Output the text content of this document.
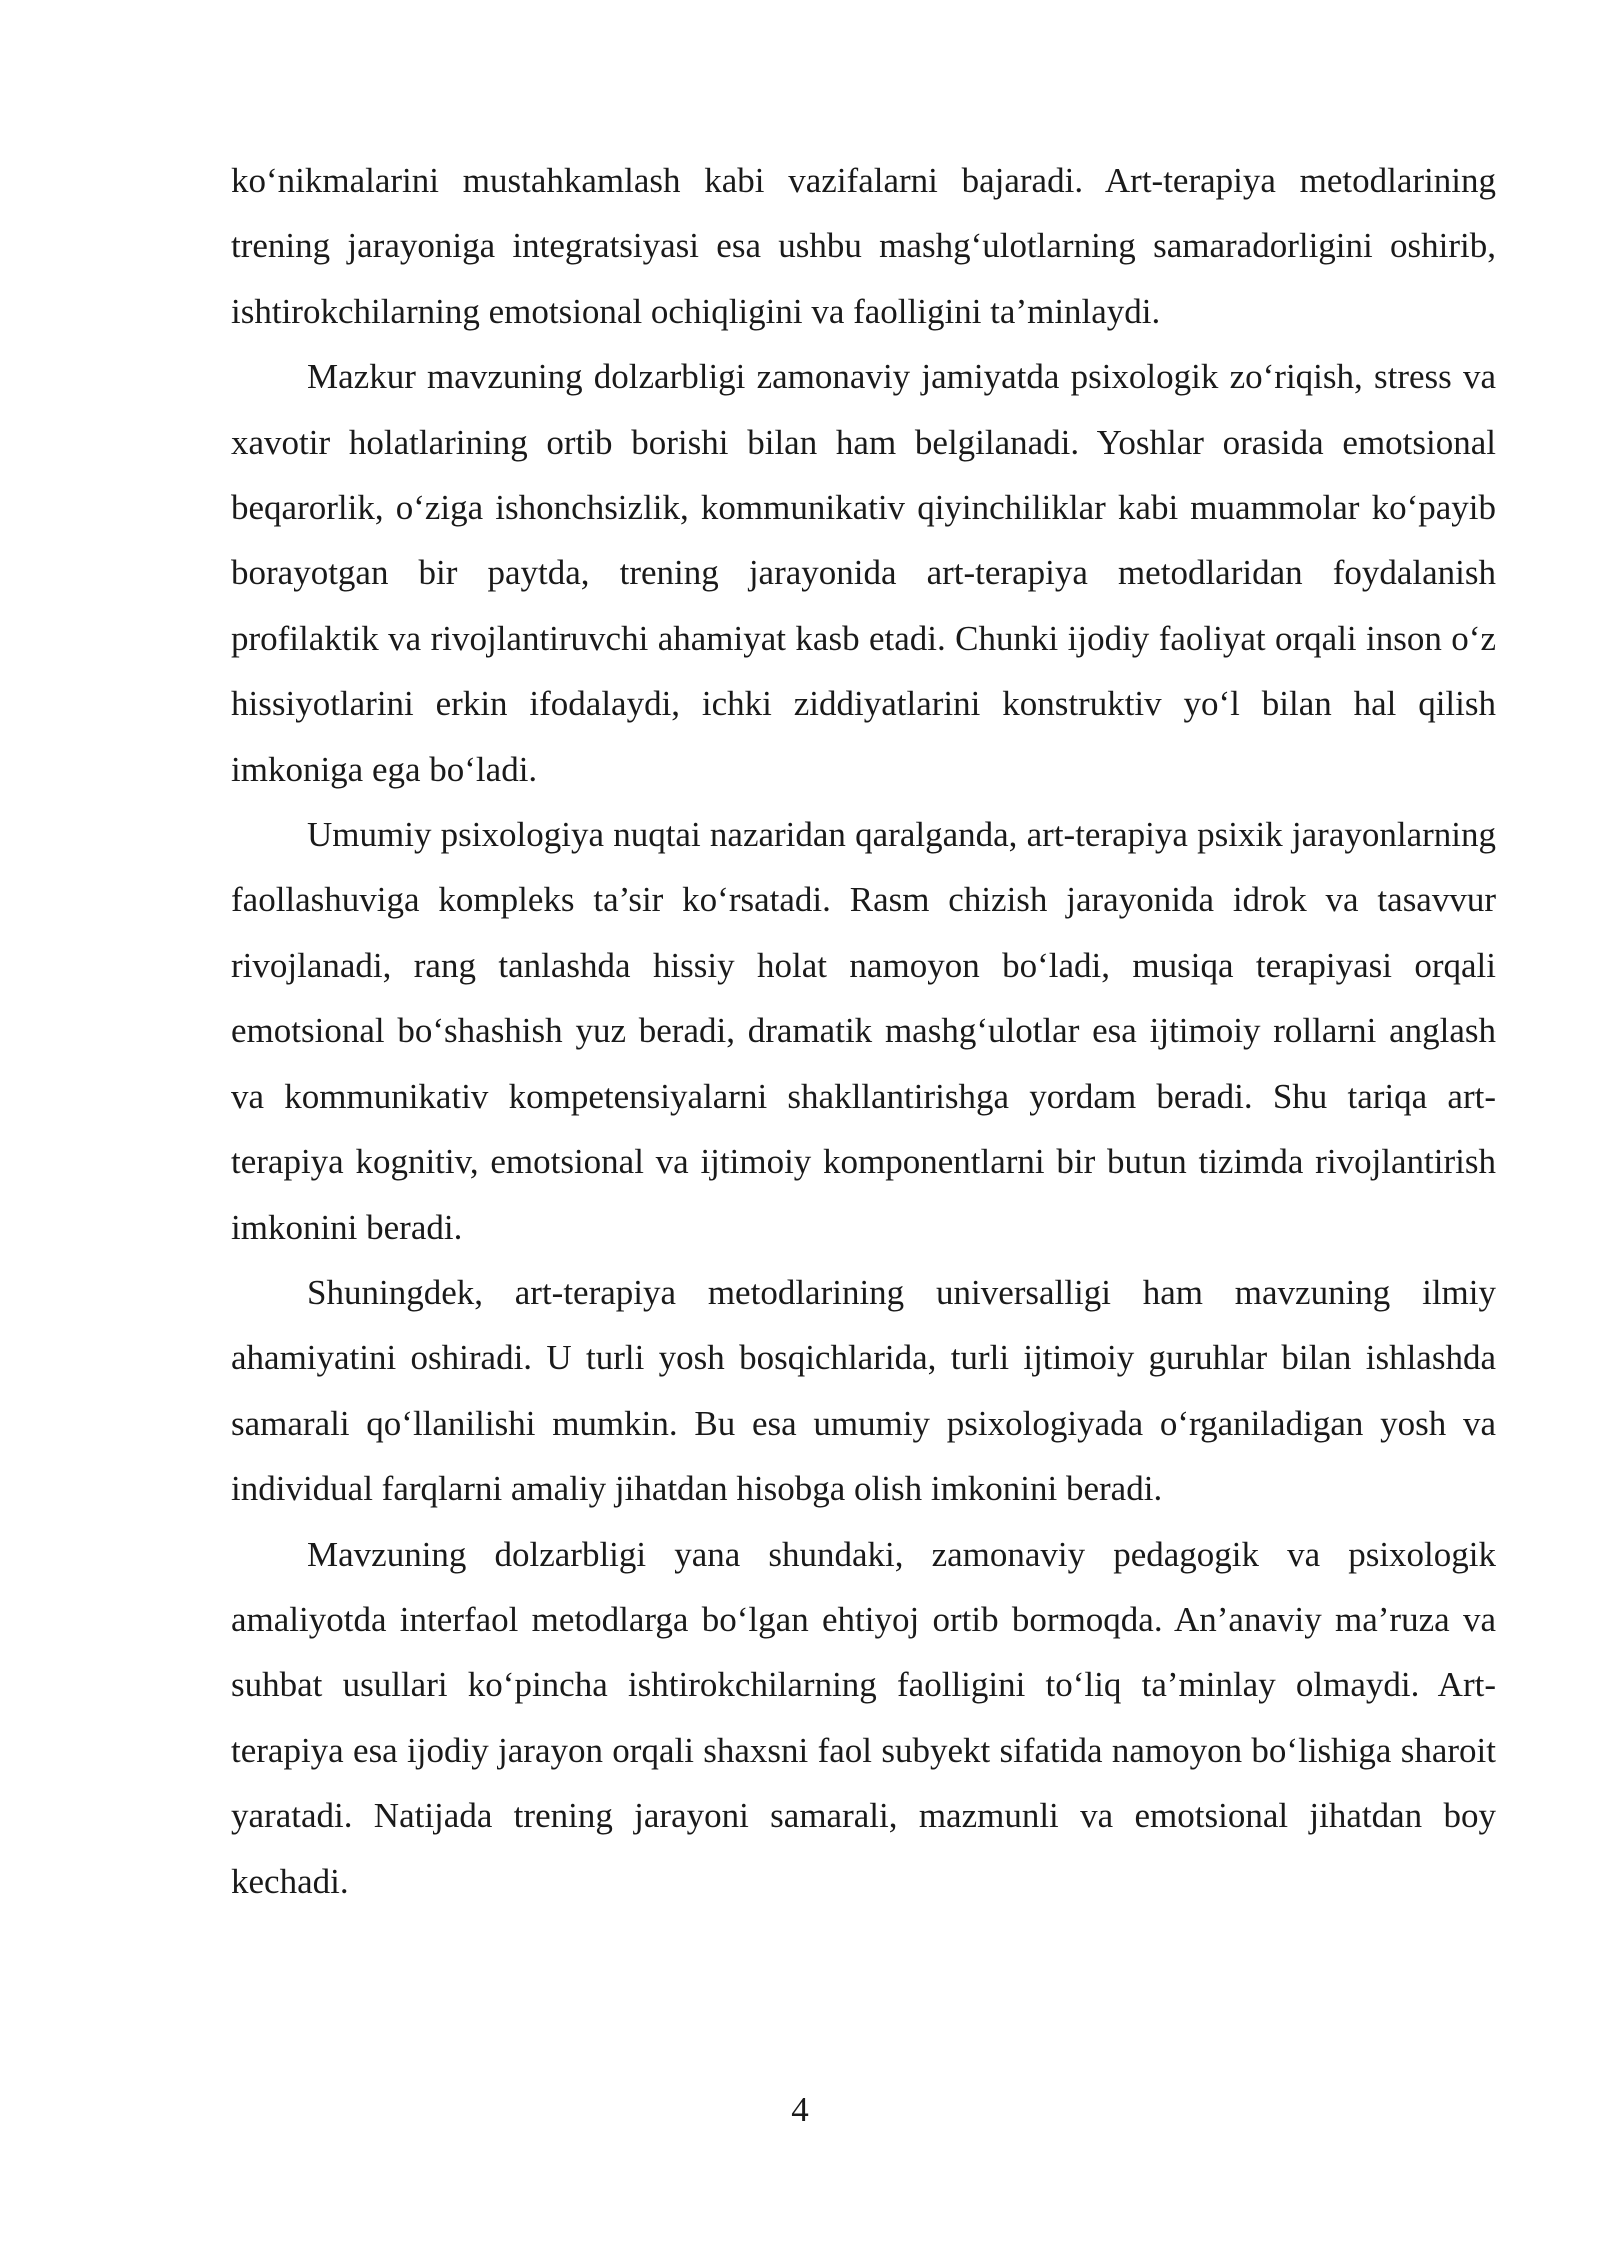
ko‘nikmalarini mustahkamlash kabi vazifalarni bajaradi. Art-terapiya metodlarining trening jarayoniga integratsiyasi esa ushbu mashg‘ulotlarning samaradorligini oshirib, ishtirokchilarning emotsional ochiqligini va faolligini ta’minlaydi.

Mazkur mavzuning dolzarbligi zamonaviy jamiyatda psixologik zo‘riqish, stress va xavotir holatlarining ortib borishi bilan ham belgilanadi. Yoshlar orasida emotsional beqarorlik, o‘ziga ishonchsizlik, kommunikativ qiyinchiliklar kabi muammolar ko‘payib borayotgan bir paytda, trening jarayonida art-terapiya metodlaridan foydalanish profilaktik va rivojlantiruvchi ahamiyat kasb etadi. Chunki ijodiy faoliyat orqali inson o‘z hissiyotlarini erkin ifodalaydi, ichki ziddiyatlarini konstruktiv yo‘l bilan hal qilish imkoniga ega bo‘ladi.

Umumiy psixologiya nuqtai nazaridan qaralganda, art-terapiya psixik jarayonlarning faollashuviga kompleks ta’sir ko‘rsatadi. Rasm chizish jarayonida idrok va tasavvur rivojlanadi, rang tanlashda hissiy holat namoyon bo‘ladi, musiqa terapiyasi orqali emotsional bo‘shashish yuz beradi, dramatik mashg‘ulotlar esa ijtimoiy rollarni anglash va kommunikativ kompetensiyalarni shakllantirishga yordam beradi. Shu tariqa art-terapiya kognitiv, emotsional va ijtimoiy komponentlarni bir butun tizimda rivojlantirish imkonini beradi.

Shuningdek, art-terapiya metodlarining universalligi ham mavzuning ilmiy ahamiyatini oshiradi. U turli yosh bosqichlarida, turli ijtimoiy guruhlar bilan ishlashda samarali qo‘llanilishi mumkin. Bu esa umumiy psixologiyada o‘rganiladigan yosh va individual farqlarni amaliy jihatdan hisobga olish imkonini beradi.

Mavzuning dolzarbligi yana shundaki, zamonaviy pedagogik va psixologik amaliyotda interfaol metodlarga bo‘lgan ehtiyoj ortib bormoqda. An’anaviy ma’ruza va suhbat usullari ko‘pincha ishtirokchilarning faolligini to‘liq ta’minlay olmaydi. Art-terapiya esa ijodiy jarayon orqali shaxsni faol subyekt sifatida namoyon bo‘lishiga sharoit yaratadi. Natijada trening jarayoni samarali, mazmunli va emotsional jihatdan boy kechadi.

4
